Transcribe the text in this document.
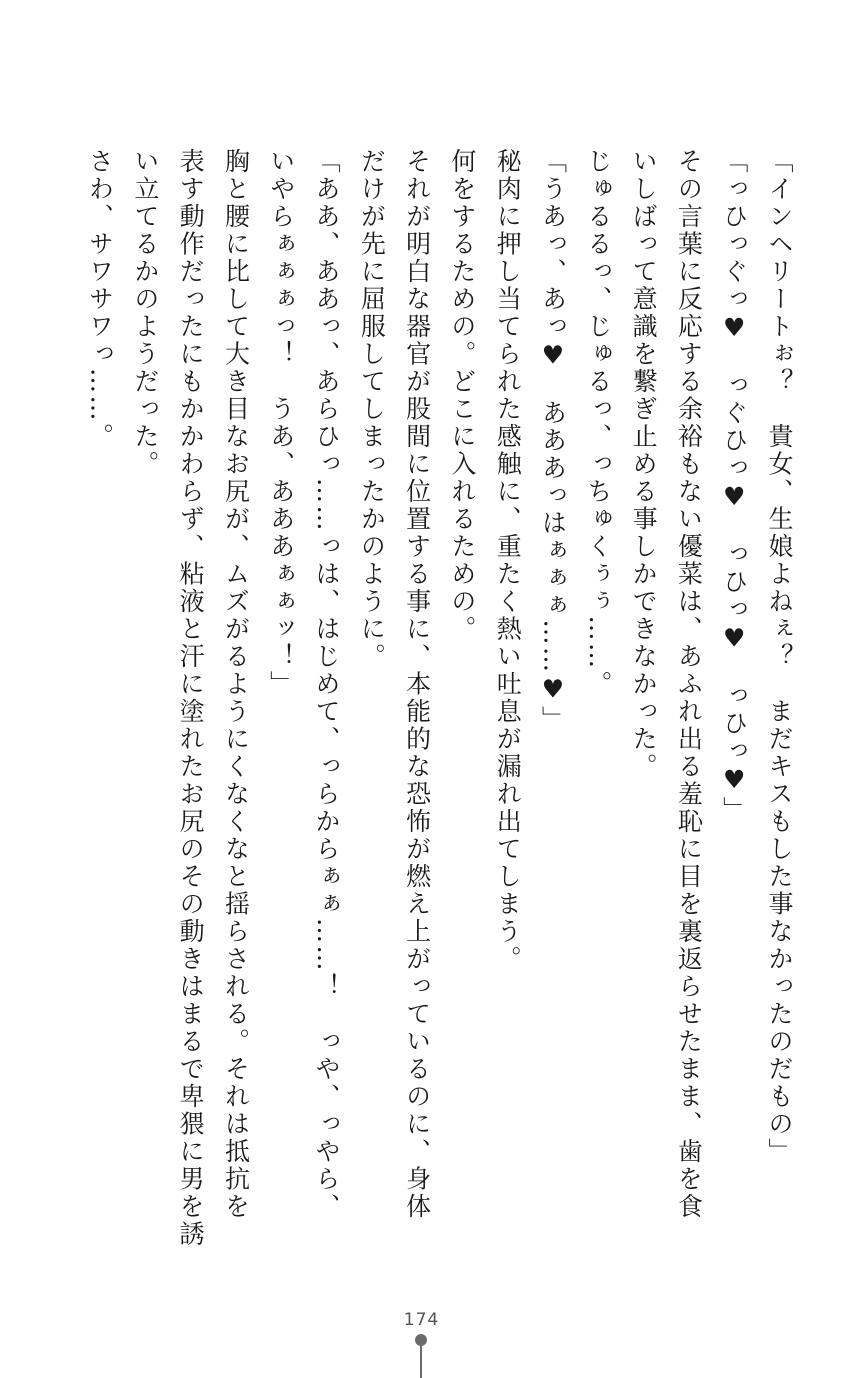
「インヘリートぉ？　貴女、生娘よねぇ？　まだキスもした事なかったのだもの」
「っひっぐっ♥　っぐひっ♥　っひっ♥　っひっ♥」
その言葉に反応する余裕もない優菜は、あふれ出る羞恥に目を裏返らせたまま、歯を食
いしばって意識を繋ぎ止める事しかできなかった。
じゅるるっ、じゅるっ、っちゅくぅぅ……。
「うあっ、あっ♥　あああっはぁぁぁ……♥」
秘肉に押し当てられた感触に、重たく熱い吐息が漏れ出てしまう。
何をするための。どこに入れるための。
それが明白な器官が股間に位置する事に、本能的な恐怖が燃え上がっているのに、身体
だけが先に屈服してしまったかのように。
「ああ、ああっ、あらひっ……っは、はじめて、っらからぁぁ……！　っや、っやら、
いやらぁぁぁっ！　うあ、あああぁぁッ！」
胸と腰に比して大き目なお尻が、ムズがるようにくなくなと揺らされる。それは抵抗を
表す動作だったにもかかわらず、粘液と汗に塗れたお尻のその動きはまるで卑猥に男を誘
い立てるかのようだった。
さわ、サワサワっ……。
174
